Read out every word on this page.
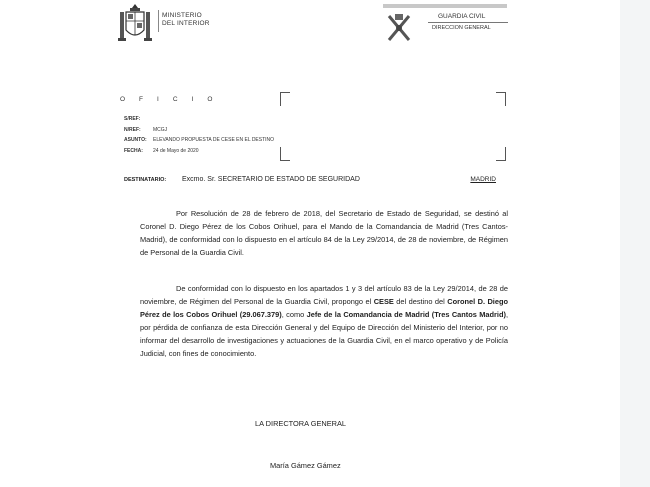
MINISTERIO
DEL INTERIOR
GUARDIA CIVIL
DIRECCION GENERAL
OFICIO
S/REF:
N/REF:	MCGJ
ASUNTO:	ELEVANDO PROPUESTA DE CESE EN EL DESTINO
FECHA:	24 de Mayo de 2020
DESTINATARIO:	Excmo. Sr. SECRETARIO DE ESTADO DE SEGURIDAD	MADRID

Por Resolución de 28 de febrero de 2018, del Secretario de Estado de Seguridad, se destinó al Coronel D. Diego Pérez de los Cobos Orihuel, para el Mando de la Comandancia de Madrid (Tres Cantos-Madrid), de conformidad con lo dispuesto en el artículo 84 de la Ley 29/2014, de 28 de noviembre, de Régimen de Personal de la Guardia Civil.

De conformidad con lo dispuesto en los apartados 1 y 3 del artículo 83 de la Ley 29/2014, de 28 de noviembre, de Régimen del Personal de la Guardia Civil, propongo el CESE del destino del Coronel D. Diego Pérez de los Cobos Orihuel (29.067.379), como Jefe de la Comandancia de Madrid (Tres Cantos Madrid), por pérdida de confianza de esta Dirección General y del Equipo de Dirección del Ministerio del Interior, por no informar del desarrollo de investigaciones y actuaciones de la Guardia Civil, en el marco operativo y de Policía Judicial, con fines de conocimiento.

LA DIRECTORA GENERAL
María Gámez Gámez
